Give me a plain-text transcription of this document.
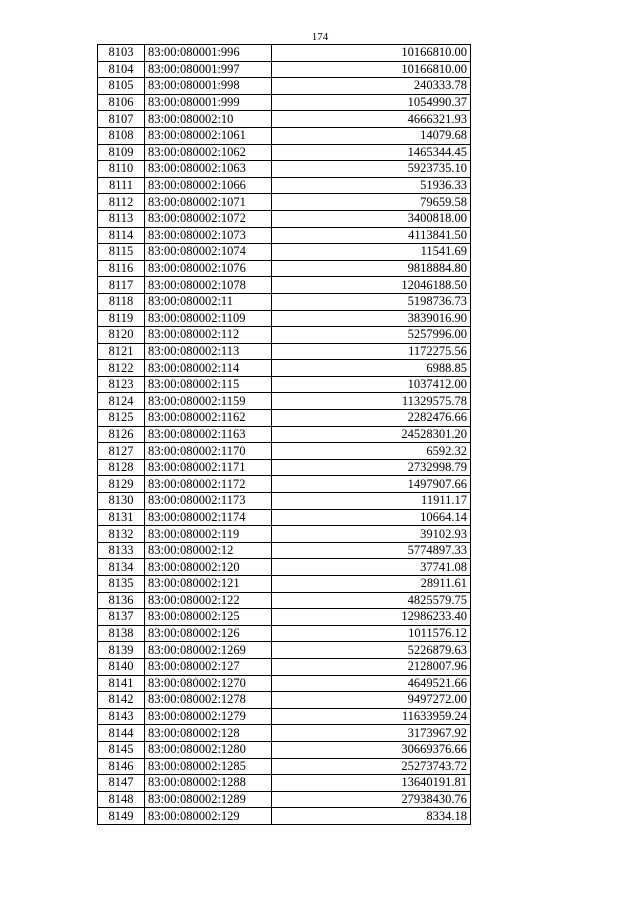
174
8103	83:00:080001:996	10166810.00
8104	83:00:080001:997	10166810.00
8105	83:00:080001:998	240333.78
8106	83:00:080001:999	1054990.37
8107	83:00:080002:10	4666321.93
8108	83:00:080002:1061	14079.68
8109	83:00:080002:1062	1465344.45
8110	83:00:080002:1063	5923735.10
8111	83:00:080002:1066	51936.33
8112	83:00:080002:1071	79659.58
8113	83:00:080002:1072	3400818.00
8114	83:00:080002:1073	4113841.50
8115	83:00:080002:1074	11541.69
8116	83:00:080002:1076	9818884.80
8117	83:00:080002:1078	12046188.50
8118	83:00:080002:11	5198736.73
8119	83:00:080002:1109	3839016.90
8120	83:00:080002:112	5257996.00
8121	83:00:080002:113	1172275.56
8122	83:00:080002:114	6988.85
8123	83:00:080002:115	1037412.00
8124	83:00:080002:1159	11329575.78
8125	83:00:080002:1162	2282476.66
8126	83:00:080002:1163	24528301.20
8127	83:00:080002:1170	6592.32
8128	83:00:080002:1171	2732998.79
8129	83:00:080002:1172	1497907.66
8130	83:00:080002:1173	11911.17
8131	83:00:080002:1174	10664.14
8132	83:00:080002:119	39102.93
8133	83:00:080002:12	5774897.33
8134	83:00:080002:120	37741.08
8135	83:00:080002:121	28911.61
8136	83:00:080002:122	4825579.75
8137	83:00:080002:125	12986233.40
8138	83:00:080002:126	1011576.12
8139	83:00:080002:1269	5226879.63
8140	83:00:080002:127	2128007.96
8141	83:00:080002:1270	4649521.66
8142	83:00:080002:1278	9497272.00
8143	83:00:080002:1279	11633959.24
8144	83:00:080002:128	3173967.92
8145	83:00:080002:1280	30669376.66
8146	83:00:080002:1285	25273743.72
8147	83:00:080002:1288	13640191.81
8148	83:00:080002:1289	27938430.76
8149	83:00:080002:129	8334.18
